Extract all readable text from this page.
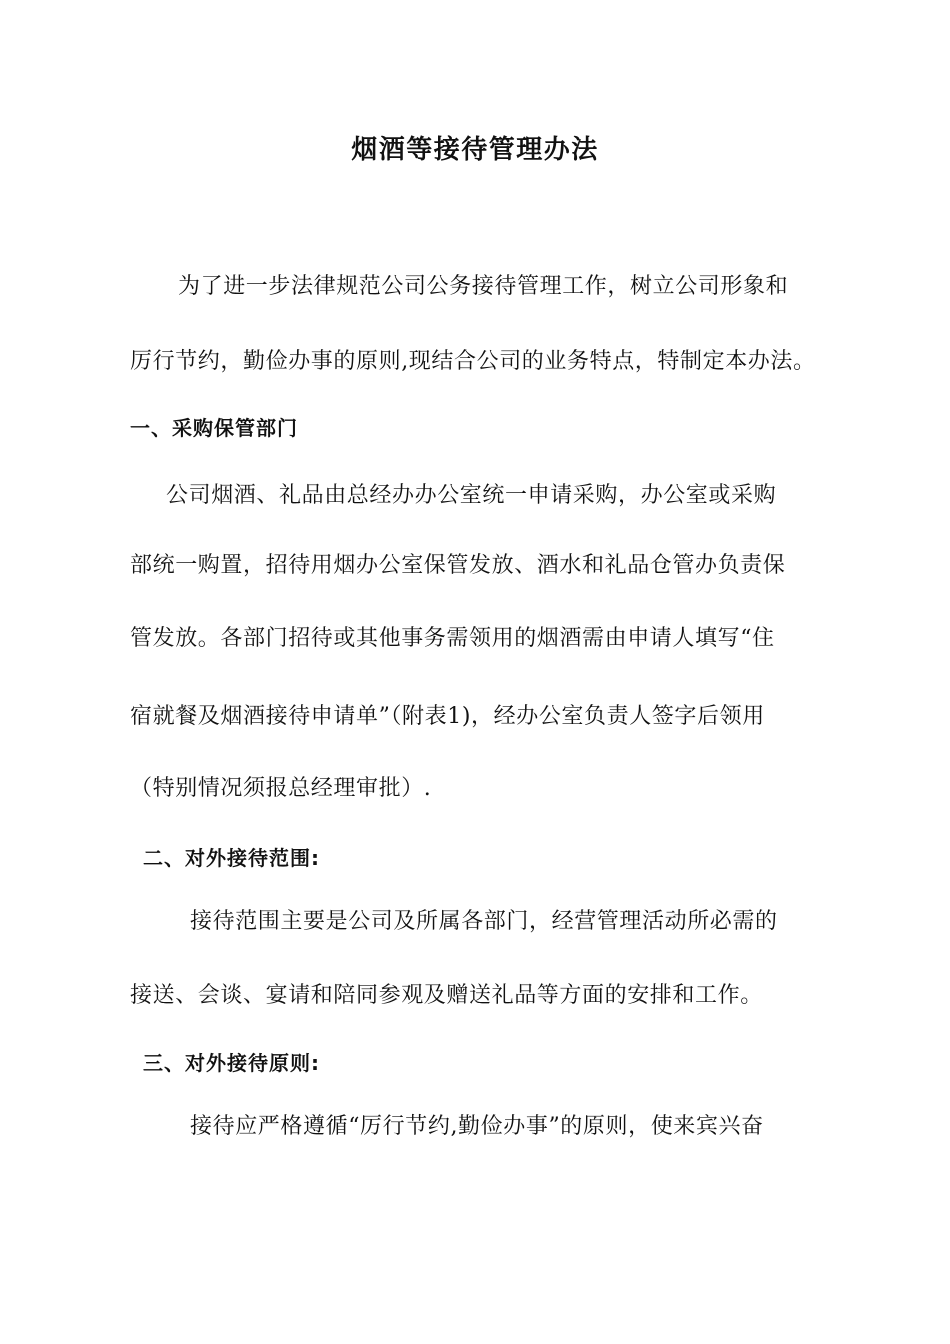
烟酒等接待管理办法
为了进一步法律规范公司公务接待管理工作，树立公司形象和
厉行节约，勤俭办事的原则,现结合公司的业务特点，特制定本办法。
一、采购保管部门
公司烟酒、礼品由总经办办公室统一申请采购，办公室或采购
部统一购置，招待用烟办公室保管发放、酒水和礼品仓管办负责保
管发放。各部门招待或其他事务需领用的烟酒需由申请人填写“住
宿就餐及烟酒接待申请单”（附表1)，经办公室负责人签字后领用
（特别情况须报总经理审批）.
二、对外接待范围:
接待范围主要是公司及所属各部门，经营管理活动所必需的
接送、会谈、宴请和陪同参观及赠送礼品等方面的安排和工作。
三、对外接待原则:
接待应严格遵循“厉行节约,勤俭办事”的原则，使来宾兴奋
